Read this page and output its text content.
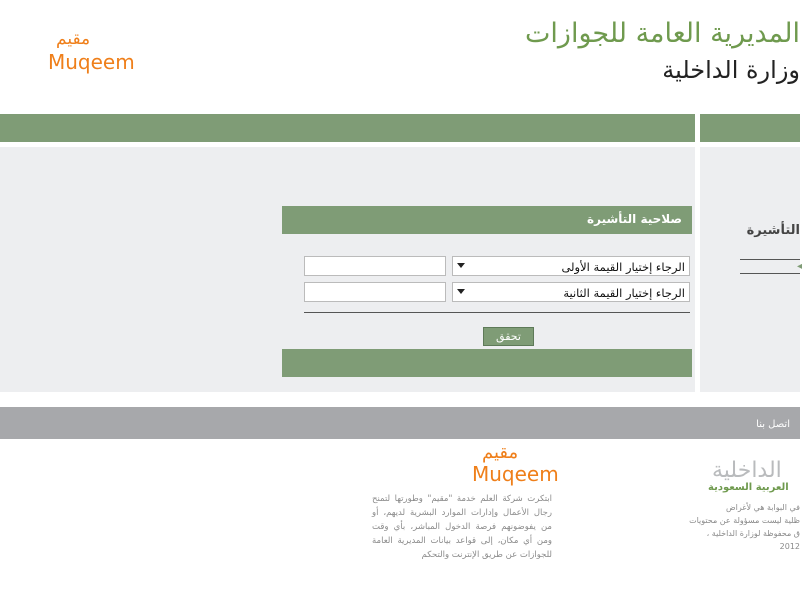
المديرية العامة للجوازات
وزارة الداخلية
مقيم
Muqeem
التأشيرة
◂
صلاحية التأشيرة
الرجاء إختيار القيمة الأولى
الرجاء إختيار القيمة الثانية
تحقق
اتصل بنا
مقيم
Muqeem
ابتكرت شركة العلم خدمة "مقيم" وطورتها لتمنح رجال الأعمال وإدارات الموارد البشرية لديهم، أو من يفوضونهم فرصة الدخول المباشر، بأي وقت ومن أي مكان، إلى قواعد بيانات المديرية العامة للجوازات عن طريق الإنترنت والتحكم
الداخلية
العربية السعودية
في البوابة هي لأغراض
ظلية ليست مسؤولة عن محتويات
ق محفوظة لوزارة الداخلية ،
2012
